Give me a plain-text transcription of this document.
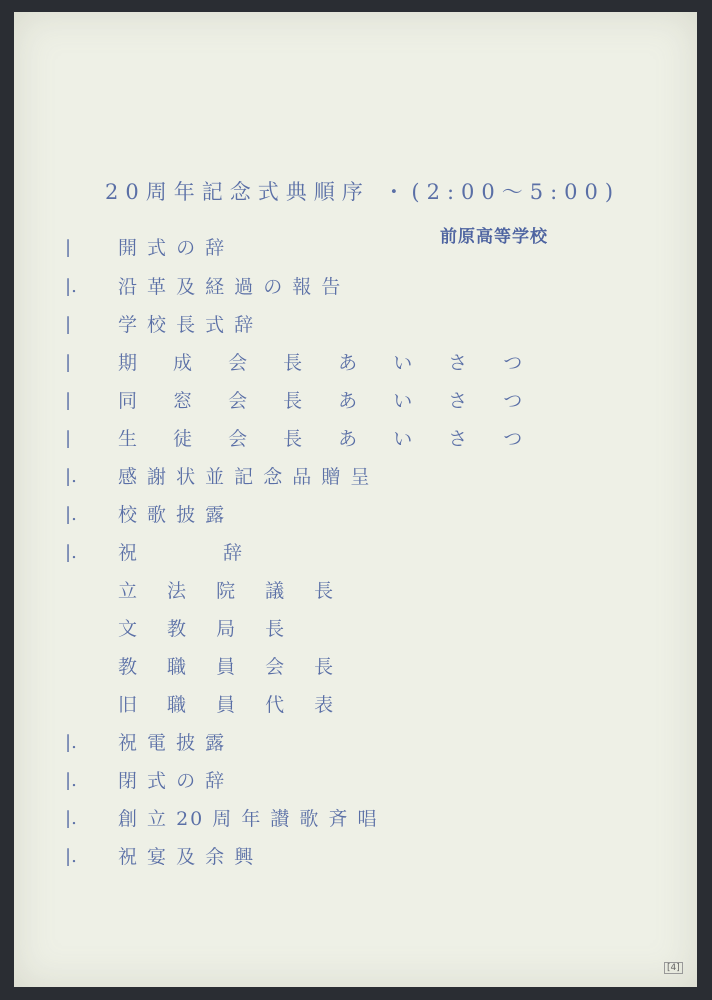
20周年記念式典順序 ・(2:00〜5:00)
前原高等学校
| 開 式 の 辞
|. 沿 革 及 経 過 の 報 告
| 学 校 長 式 辞
| 期 成 会 長 あ い さ つ
| 同 窓 会 長 あ い さ つ
| 生 徒 会 長 あ い さ つ
|. 感 謝 状 並 記 念 品 贈 呈
|. 校 歌 披 露
|. 祝　　　　辞
立 法 院 議 長
文 教 局 長
教 職 員 会 長
旧 職 員 代 表
|. 祝 電 披 露
|. 閉 式 の 辞
|. 創 立 20 周 年 讃 歌 斉 唱
|. 祝 宴 及 余 興
[4]
